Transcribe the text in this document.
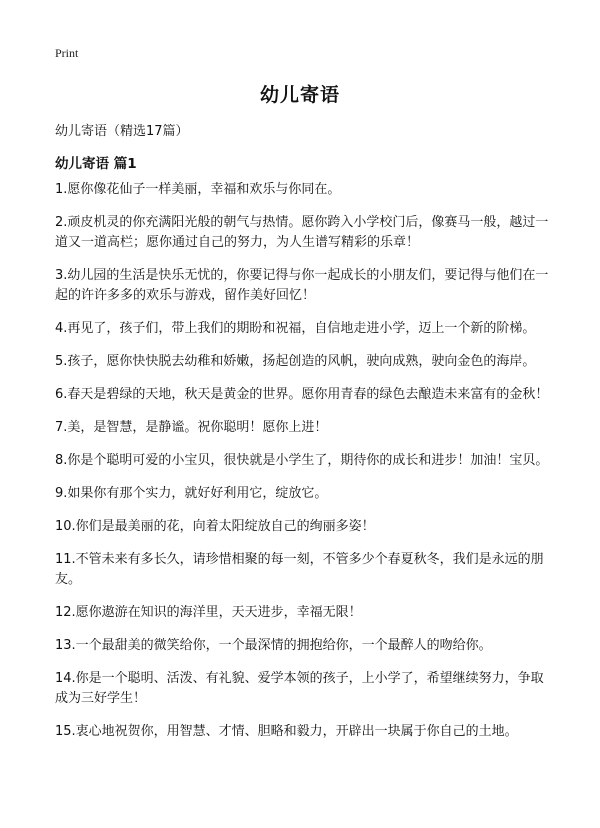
Print
幼儿寄语
幼儿寄语（精选17篇）
幼儿寄语 篇1
1.愿你像花仙子一样美丽，幸福和欢乐与你同在。
2.顽皮机灵的你充满阳光般的朝气与热情。愿你跨入小学校门后，像赛马一般，越过一道又一道高栏；愿你通过自己的努力，为人生谱写精彩的乐章！
3.幼儿园的生活是快乐无忧的，你要记得与你一起成长的小朋友们，要记得与他们在一起的许许多多的欢乐与游戏，留作美好回忆！
4.再见了，孩子们，带上我们的期盼和祝福，自信地走进小学，迈上一个新的阶梯。
5.孩子，愿你快快脱去幼稚和娇嫩，扬起创造的风帆，驶向成熟，驶向金色的海岸。
6.春天是碧绿的天地，秋天是黄金的世界。愿你用青春的绿色去酿造未来富有的金秋！
7.美，是智慧，是静谧。祝你聪明！愿你上进！
8.你是个聪明可爱的小宝贝，很快就是小学生了，期待你的成长和进步！加油！宝贝。
9.如果你有那个实力，就好好利用它，绽放它。
10.你们是最美丽的花，向着太阳绽放自己的绚丽多姿！
11.不管未来有多长久，请珍惜相聚的每一刻，不管多少个春夏秋冬，我们是永远的朋友。
12.愿你遨游在知识的海洋里，天天进步，幸福无限！
13.一个最甜美的微笑给你，一个最深情的拥抱给你，一个最醉人的吻给你。
14.你是一个聪明、活泼、有礼貌、爱学本领的孩子，上小学了，希望继续努力，争取成为三好学生！
15.衷心地祝贺你，用智慧、才情、胆略和毅力，开辟出一块属于你自己的土地。
